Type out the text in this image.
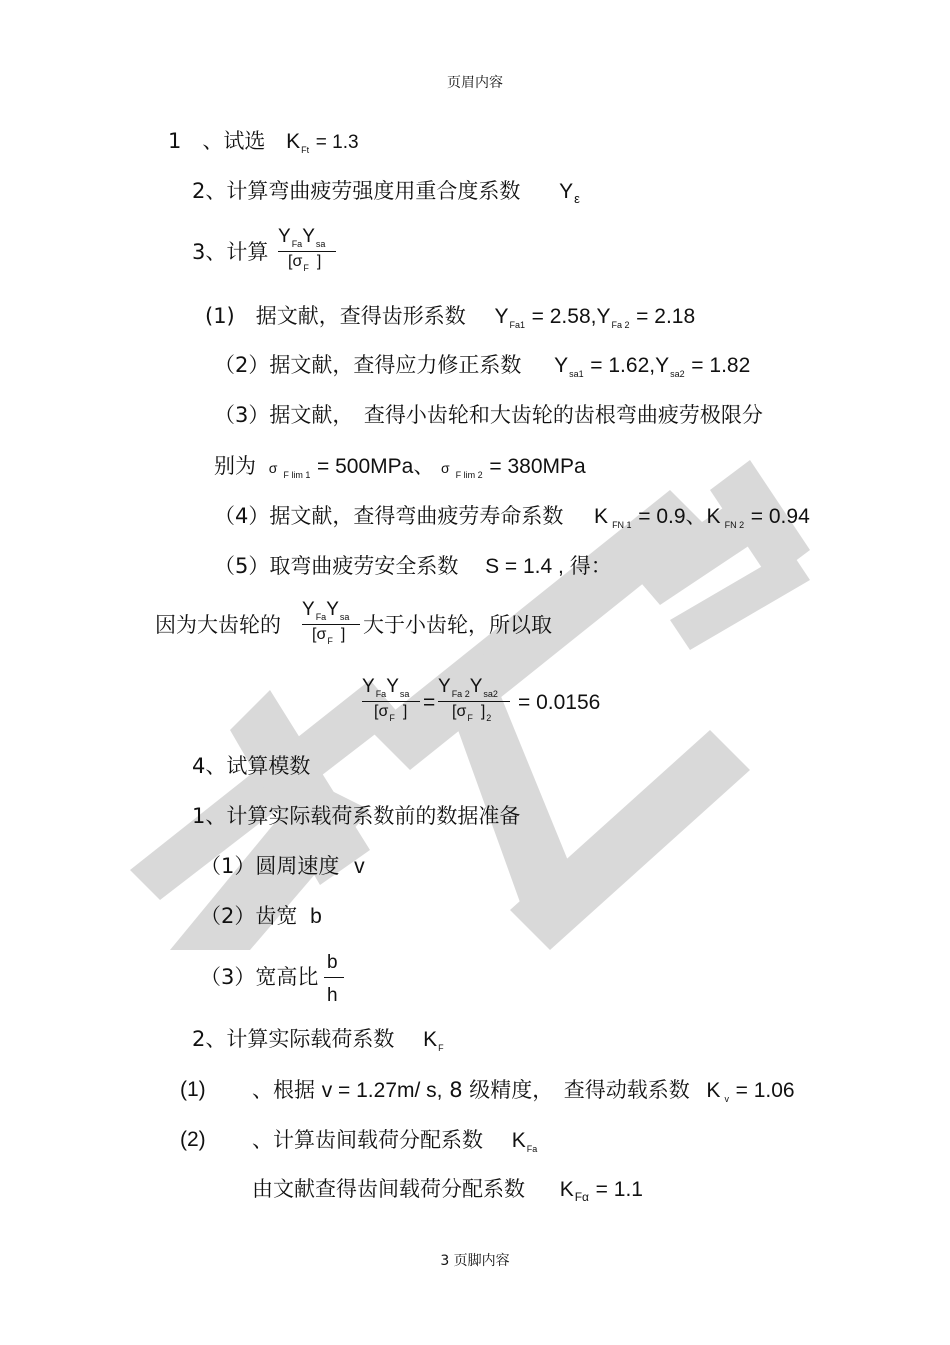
初心
页眉内容
1　、试选 $K_{Ft} = 1.3$
2、计算弯曲疲劳强度用重合度系数 $Y_\varepsilon$
3、计算
$Y_{Fa}Y_{sa}$
[$\sigma_F$ ]
(1)　据文献，查得齿形系数 $Y_{Fa1} = 2.58,Y_{Fa 2} = 2.18$
（2）据文献，查得应力修正系数 $Y_{sa1} = 1.62,Y_{sa2} = 1.82$
（3）据文献，　查得小齿轮和大齿轮的齿根弯曲疲劳极限分
别为 σ $_{F lim 1}$ = 500MPa、 σ $_{F lim 2}$ = 380MPa
（4）据文献，查得弯曲疲劳寿命系数 K $_{FN 1}$ = 0.9、K $_{FN 2}$ = 0.94
（5）取弯曲疲劳安全系数 S = 1.4 , 得：
因为大齿轮的
$Y_{Fa}Y_{sa}$
[$\sigma_F$ ] 大于小齿轮，所以取
$Y_{Fa}Y_{sa}$
[$\sigma_F$ ] =
$Y_{Fa 2}Y_{sa2}$
[$\sigma_F$ ]$_2$
= 0.0156
4、试算模数
1、计算实际载荷系数前的数据准备
（1）圆周速度 v
（2）齿宽 b
（3）宽高比
b
h
2、计算实际载荷系数 $K_F$
(1) 、根据 v = 1.27m/ s, 8 级精度，　查得动载系数 K $_v$ = 1.06
(2) 、计算齿间载荷分配系数 $K_{Fa}$
由文献查得齿间载荷分配系数 $K_{F\alpha} = 1.1$
3 页脚内容
